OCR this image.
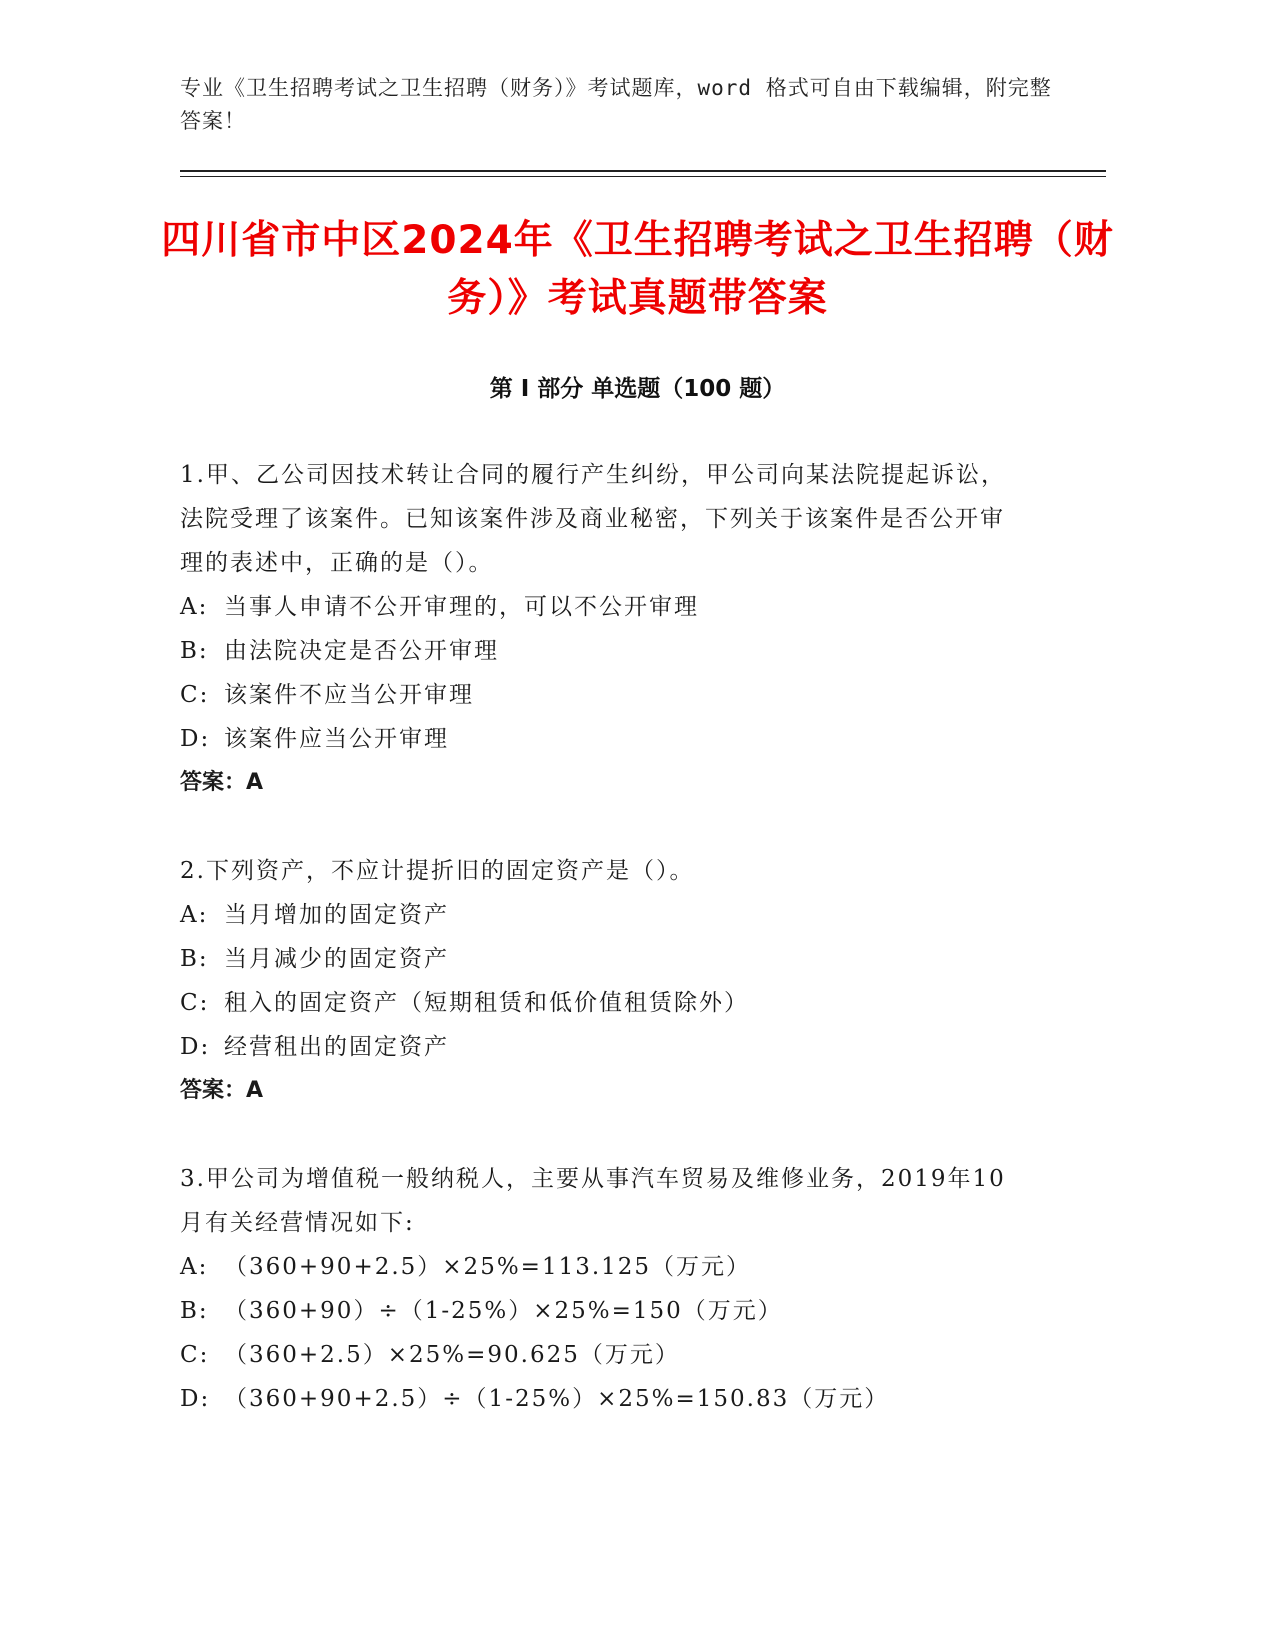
专业《卫生招聘考试之卫生招聘（财务）》考试题库，word 格式可自由下载编辑，附完整答案！
四川省市中区2024年《卫生招聘考试之卫生招聘（财务）》考试真题带答案
第 I 部分 单选题（100 题）
1.甲、乙公司因技术转让合同的履行产生纠纷，甲公司向某法院提起诉讼，法院受理了该案件。已知该案件涉及商业秘密，下列关于该案件是否公开审理的表述中，正确的是（）。
A: 当事人申请不公开审理的，可以不公开审理
B: 由法院决定是否公开审理
C: 该案件不应当公开审理
D: 该案件应当公开审理
答案：A
2.下列资产，不应计提折旧的固定资产是（）。
A: 当月增加的固定资产
B: 当月减少的固定资产
C: 租入的固定资产（短期租赁和低价值租赁除外）
D: 经营租出的固定资产
答案：A
3.甲公司为增值税一般纳税人，主要从事汽车贸易及维修业务，2019年10月有关经营情况如下:
A: （360+90+2.5）×25%=113.125（万元）
B: （360+90）÷（1-25%）×25%=150（万元）
C: （360+2.5）×25%=90.625（万元）
D: （360+90+2.5）÷（1-25%）×25%=150.83（万元）
